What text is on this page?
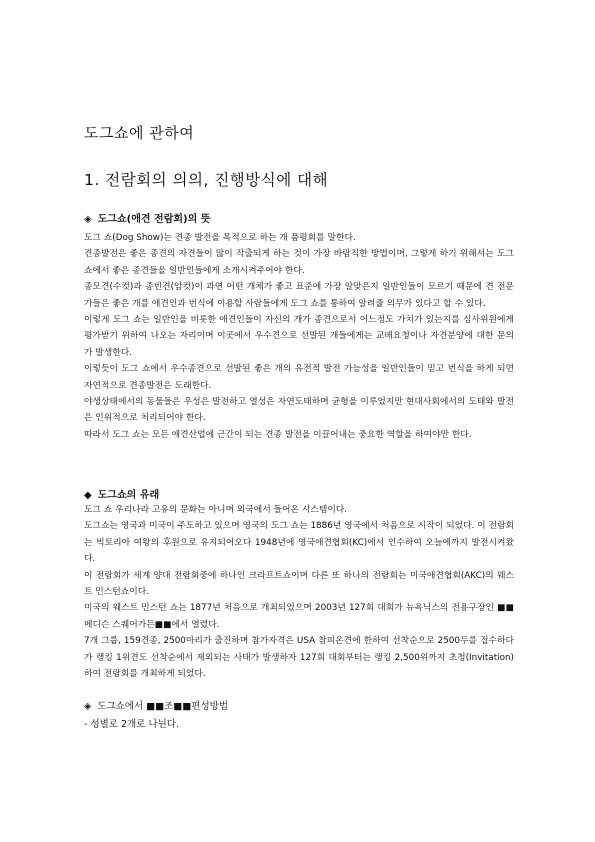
도그쇼에 관하여
1. 전람회의 의의, 진행방식에 대해
◈ 도그쇼(애견 전람회)의 뜻

도그 쇼(Dog Show)는 견종 발전을 목적으로 하는 개 품평회를 말한다.

견종발전은 좋은 종견의 자견들이 많이 작출되게 하는 것이 가장 바람직한 방법이며, 그렇게 하기 위해서는 도그 쇼에서 좋은 종견들을 일반인들에게 소개시켜주어야 한다.

종모견(수컷)과 종빈견(암컷)이 과연 어떤 개체가 좋고 표준에 가장 알맞은지 일반인들이 모르기 때문에 견 전문가들은 좋은 개를 애견인과 번식에 이용할 사람들에게 도그 쇼를 통하여 알려줄 의무가 있다고 할 수 있다.

이렇게 도그 쇼는 일반인을 비롯한 애견인들이 자신의 개가 종견으로서 어느정도 가치가 있는지를 심사위원에게 평가받기 위하여 나오는 자리이며 이곳에서 우수견으로 선발된 개들에게는 교배요청이나 자견분양에 대한 문의가 발생한다.

이렇듯이 도그 쇼에서 우수종견으로 선발된 좋은 개의 유전적 발전 가능성을 일반인들이 믿고 번식을 하게 되면 자연적으로 견종발전은 도래한다.

야생상태에서의 동물들은 우성은 발전하고 열성은 자연도태하며 균형을 이루었지만 현대사회에서의 도태와 발전은 인위적으로 처리되어야 한다.

따라서 도그 쇼는 모든 애견산업에 근간이 되는 견종 발전을 이끌어내는 중요한 역할을 하여야만 한다.

◆ 도그쇼의 유래

도그 쇼 우리나라 고유의 문화는 아니며 외국에서 들어온 시스템이다.

도그쇼는 영국과 미국이 주도하고 있으며 영국의 도그 쇼는 1886년 영국에서 처음으로 시작이 되었다. 이 전람회는 빅토리아 여왕의 후원으로 유지되어오다 1948년에 영국애견협회(KC)에서 인수하여 오늘에까지 발전시켜왔다.

이 전람회가 세계 양대 전람회중에 하나인 크라프트쇼이며 다른 또 하나의 전람회는 미국애견협회(AKC)의 웨스트 민스턴쇼이다.

미국의 웨스트 민스턴 쇼는 1877년 처음으로 개최되었으며 2003년 127회 대회가 뉴욕닉스의 전용구장인 ■■메디슨 스퀘어가든■■에서 열렸다.

7개 그룹, 159견종, 2500마리가 출진하며 참가자격은 USA 참피온견에 한하여 선착순으로 2500두를 접수하다가 랭킹 1위견도 선착순에서 제외되는 사태가 발생하자 127회 대회부터는 랭킹 2,500위까지 초청(Invitation)하여 전람회를 개최하게 되었다.

◈ 도그쇼에서 ■■조■■편성방법
- 성별로 2개로 나뉜다.
